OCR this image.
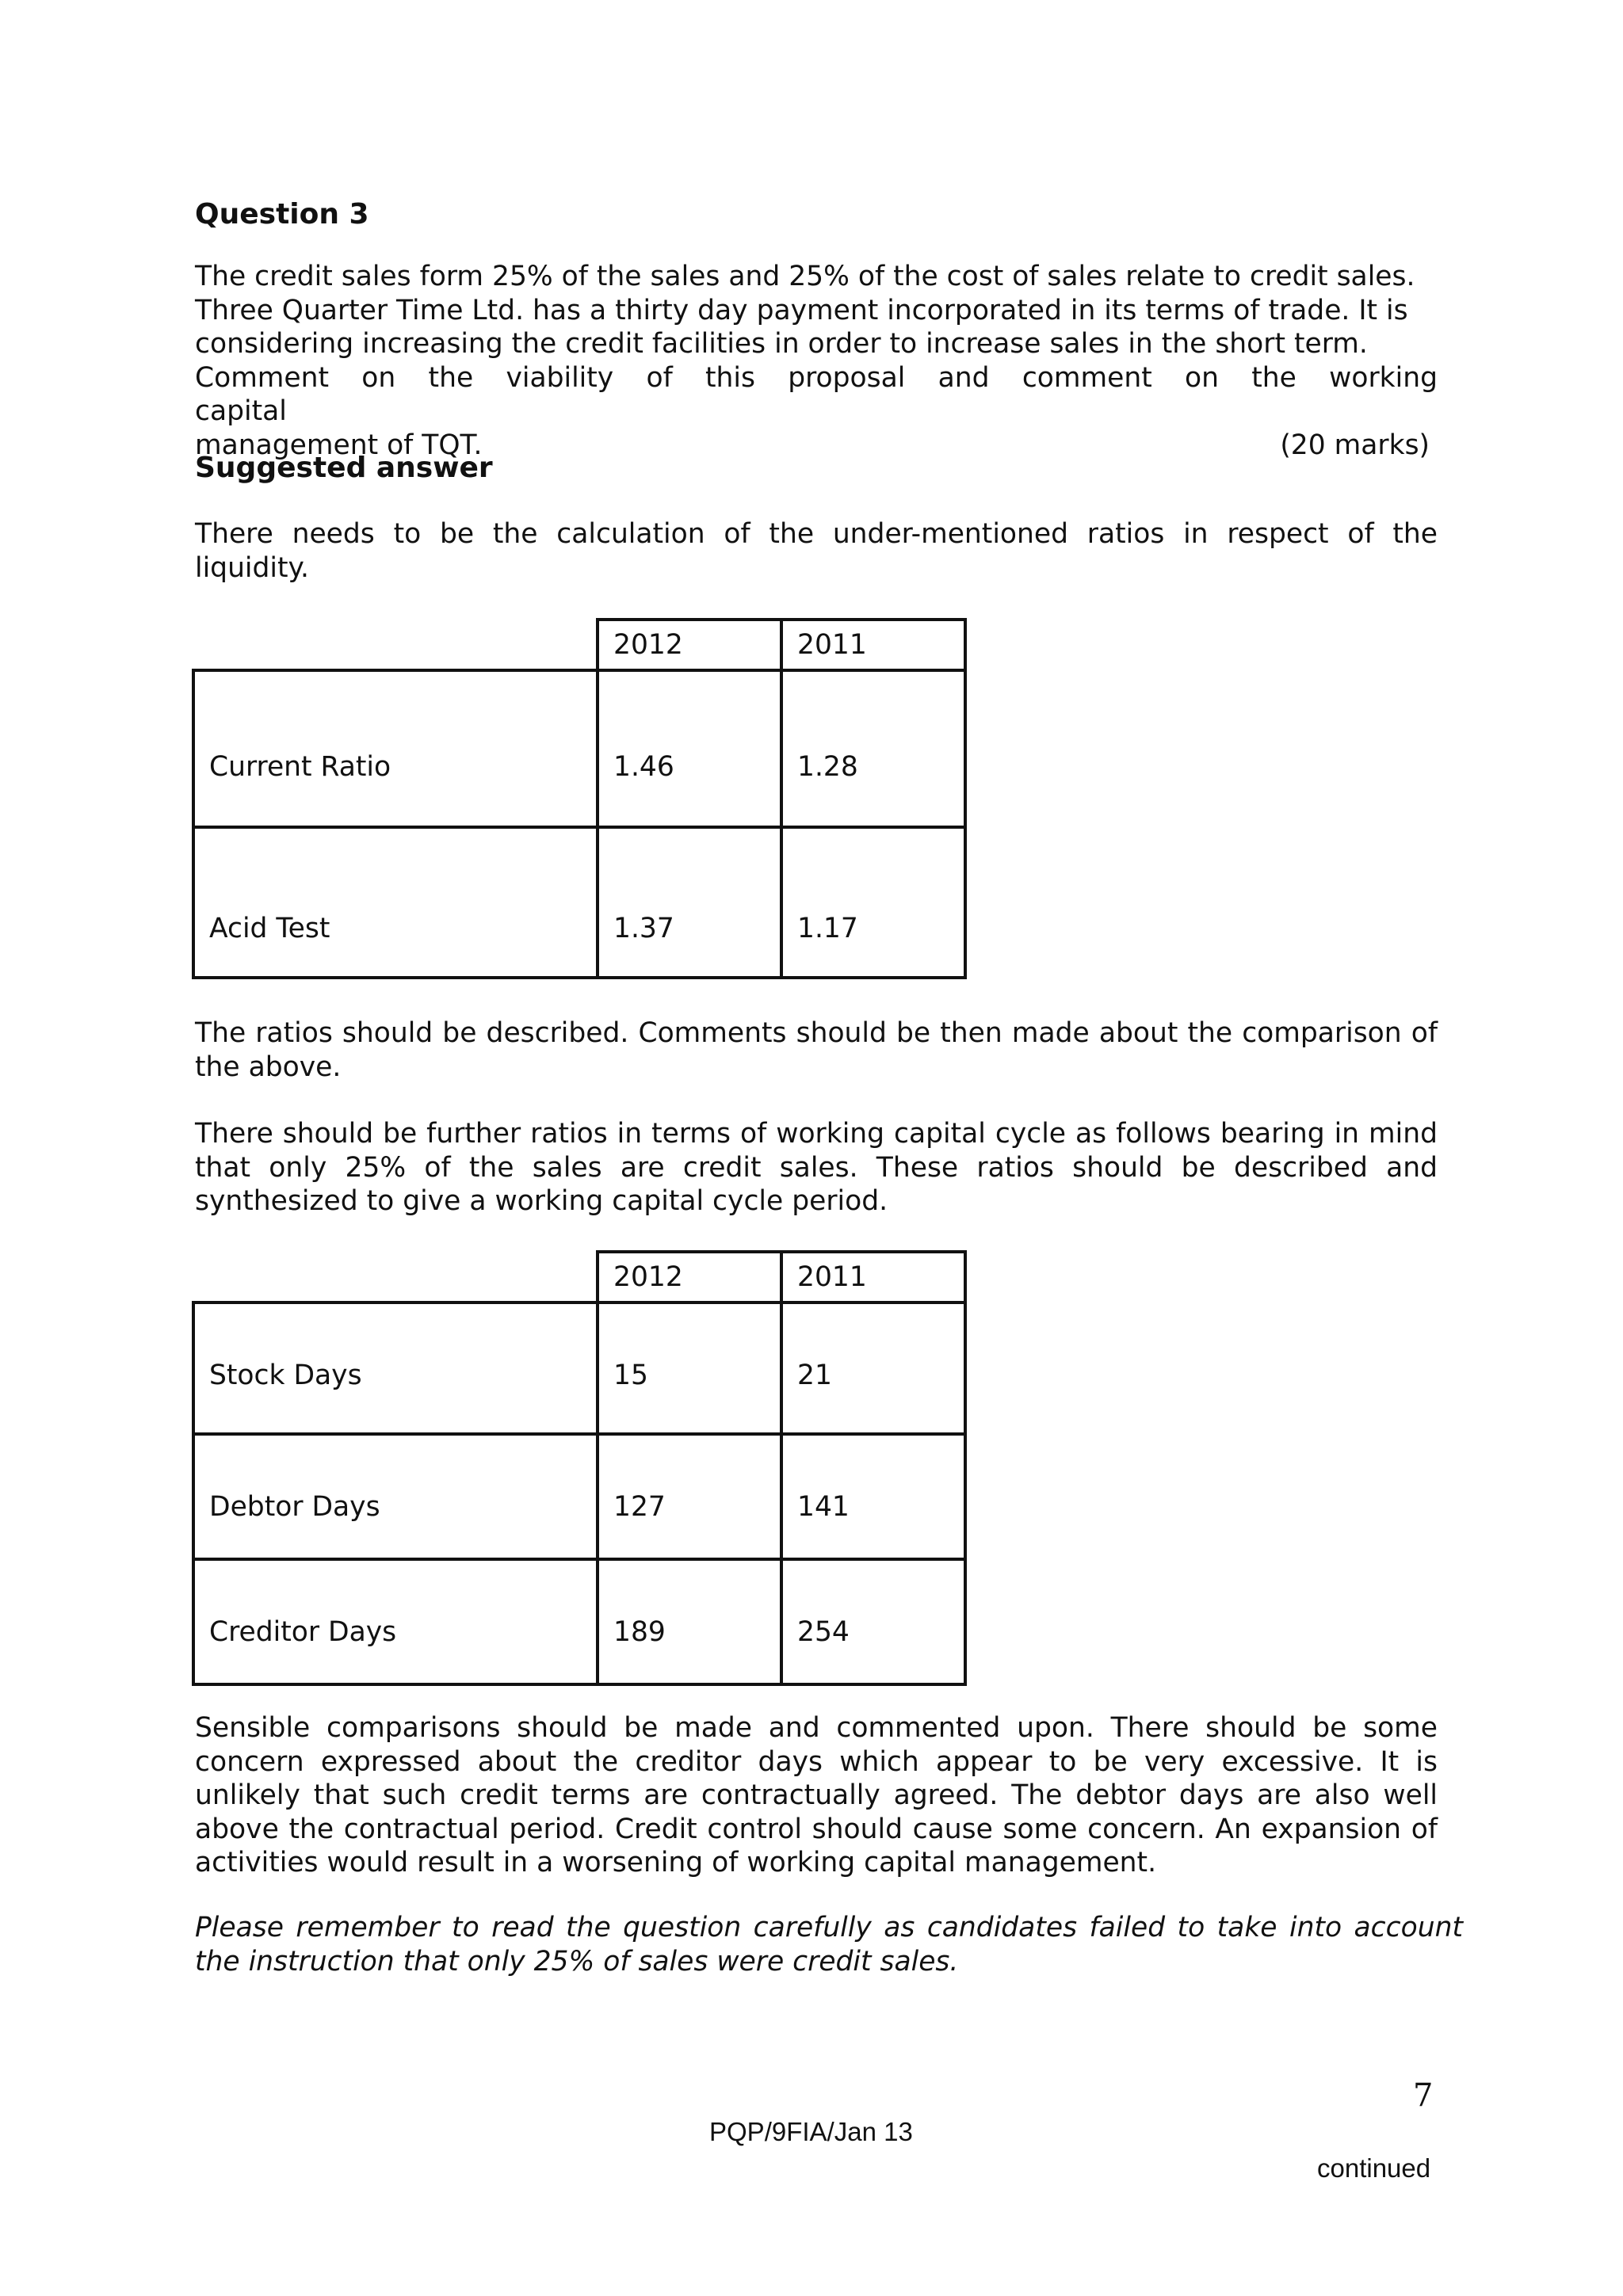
Question 3
The credit sales form 25% of the sales and 25% of the cost of sales relate to credit sales.
Three Quarter Time Ltd. has a thirty day payment incorporated in its terms of trade. It is
considering increasing the credit facilities in order to increase sales in the short term.
Comment on the viability of this proposal and comment on the working capital
management of TQT.	(20 marks)
Suggested answer

There needs to be the calculation of the under-mentioned ratios in respect of the liquidity.

	2012	2011
Current Ratio	1.46	1.28
Acid Test	1.37	1.17

The ratios should be described. Comments should be then made about the comparison of the above.

There should be further ratios in terms of working capital cycle as follows bearing in mind that only 25% of the sales are credit sales. These ratios should be described and synthesized to give a working capital cycle period.

	2012	2011
Stock Days	15	21
Debtor Days	127	141
Creditor Days	189	254

Sensible comparisons should be made and commented upon. There should be some concern expressed about the creditor days which appear to be very excessive. It is unlikely that such credit terms are contractually agreed. The debtor days are also well above the contractual period. Credit control should cause some concern. An expansion of activities would result in a worsening of working capital management.

Please remember to read the question carefully as candidates failed to take into account the instruction that only 25% of sales were credit sales.

7
PQP/9FIA/Jan 13
continued
